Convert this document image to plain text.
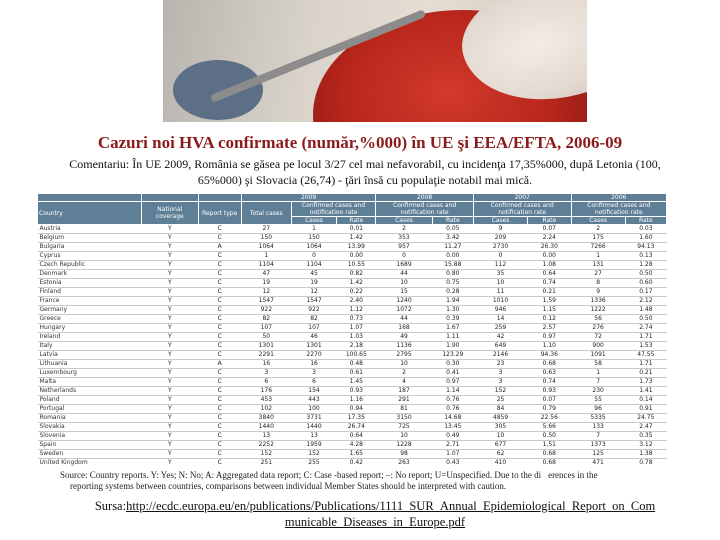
Cazuri noi HVA confirmate (număr,%000) în UE şi EEA/EFTA, 2006-09
Comentariu: În UE 2009, România se găsea pe locul 3/27 cel mai nefavorabil, cu incidenţa 17,35%000, după Letonia (100, 65%000) şi Slovacia (26,74) - ţări însă cu populaţie notabil mai mică.
			2009			2008		2007		2006	
Country	National coverage	Report type	Total cases	Confirmed cases and notification rate		Confirmed cases and notification rate		Confirmed cases and notification rate		Confirmed cases and notification rate	
				Cases	Rate	Cases	Rate	Cases	Rate	Cases	Rate
Austria	Y	C	27	1	0.01	2	0.05	9	0.07	2	0.03
Belgium	Y	C	150	150	1.42	353	3.42	209	2.24	175	1.60
Bulgaria	Y	A	1064	1064	13.99	957	11.27	2730	26.30	7266	94.13
Cyprus	Y	C	1	0	0.00	0	0.00	0	0.00	1	0.13
Czech Republic	Y	C	1104	1104	10.55	1689	15.88	112	1.08	131	1.28
Denmark	Y	C	47	45	0.82	44	0.80	35	0.64	27	0.50
Estonia	Y	C	19	19	1.42	10	0.75	10	0.74	8	0.60
Finland	Y	C	12	12	0.22	15	0.28	11	0.21	9	0.17
France	Y	C	1547	1547	2.40	1240	1.94	1010	1.59	1336	2.12
Germany	Y	C	922	922	1.12	1072	1.30	946	1.15	1222	1.48
Greece	Y	C	82	82	0.73	44	0.39	14	0.12	56	0.50
Hungary	Y	C	107	107	1.07	168	1.67	259	2.57	276	2.74
Ireland	Y	C	50	46	1.03	49	1.11	42	0.97	72	1.71
Italy	Y	C	1301	1301	2.18	1136	1.90	649	1.10	900	1.53
Latvia	Y	C	2291	2270	100.65	2795	123.29	2146	94.36	1091	47.55
Lithuania	Y	A	16	16	0.48	10	0.30	23	0.68	58	1.71
Luxembourg	Y	C	3	3	0.61	2	0.41	3	0.63	1	0.21
Malta	Y	C	6	6	1.45	4	0.97	3	0.74	7	1.73
Netherlands	Y	C	176	154	0.93	187	1.14	152	0.93	230	1.41
Poland	Y	C	453	443	1.16	291	0.76	25	0.07	55	0.14
Portugal	Y	C	102	100	0.94	81	0.76	84	0.79	96	0.91
Romania	Y	C	3840	3731	17.35	3150	14.68	4859	22.56	5335	24.75
Slovakia	Y	C	1440	1440	26.74	725	13.45	305	5.66	133	2.47
Slovenia	Y	C	13	13	0.64	10	0.49	10	0.50	7	0.35
Spain	Y	C	2252	1959	4.28	1228	2.71	677	1.51	1373	3.12
Sweden	Y	C	152	152	1.65	98	1.07	62	0.68	125	1.38
United Kingdom	Y	C	251	255	0.42	263	0.43	410	0.68	471	0.78

Source: Country reports. Y: Yes; N: No; A: Aggregated data report; C: Case -based report; –: No report; U=Unspecified. Due to the di erences in the
reporting systems between countries, comparisons between individual Member States should be interpreted with caution.
Sursa:http://ecdc.europa.eu/en/publications/Publications/1111_SUR_Annual_Epidemiological_Report_on_Com
municable_Diseases_in_Europe.pdf
